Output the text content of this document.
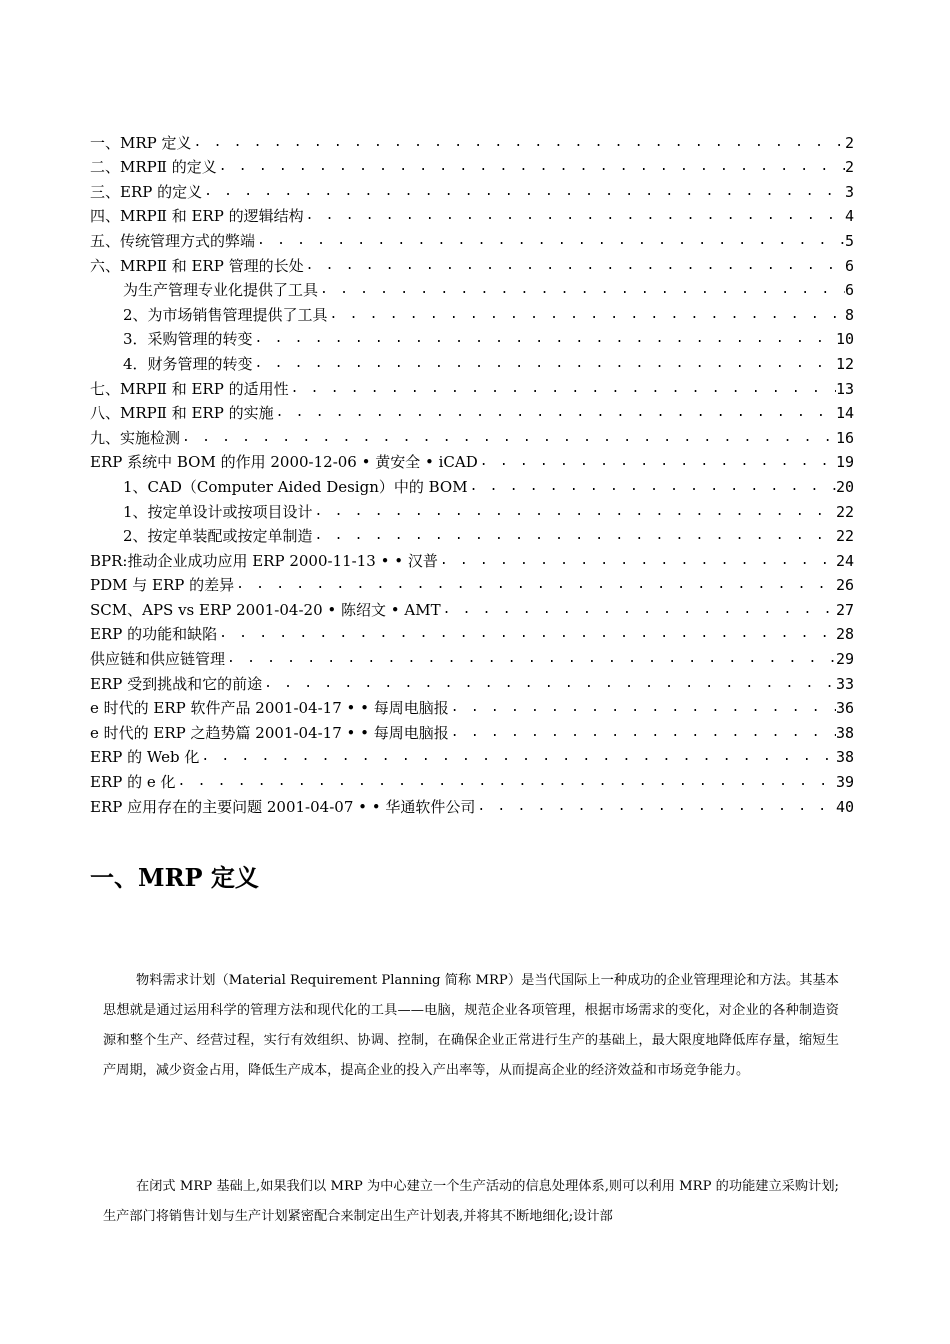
一、MRP 定义 . . .	2
二、MRPⅡ 的定义 . . .	2
三、ERP 的定义 . . .	3
四、MRPⅡ 和 ERP 的逻辑结构 . . .	4
五、传统管理方式的弊端 . . .	5
六、MRPⅡ 和 ERP 管理的长处 . . .	6
为生产管理专业化提供了工具 . . .	6
2、为市场销售管理提供了工具 . . .	8
3．采购管理的转变 . . .	10
4．财务管理的转变 . . .	12
七、MRPⅡ 和 ERP 的适用性 . . .	13
八、MRPⅡ 和 ERP 的实施 . . .	14
九、实施检测 . . .	16
ERP 系统中 BOM 的作用 2000-12-06 • 黄安全 • iCAD . . .	19
1、CAD（Computer Aided Design）中的 BOM . . .	20
1、按定单设计或按项目设计 . . .	22
2、按定单装配或按定单制造 . . .	22
BPR:推动企业成功应用 ERP 2000-11-13 • • 汉普 . . .	24
PDM 与 ERP 的差异 . . .	26
SCM、APS vs ERP 2001-04-20 • 陈绍文 • AMT . . .	27
ERP 的功能和缺陷 . . .	28
供应链和供应链管理 . . .	29
ERP 受到挑战和它的前途 . . .	33
e 时代的 ERP 软件产品 2001-04-17 • • 每周电脑报 . . .	36
e 时代的 ERP 之趋势篇 2001-04-17 • • 每周电脑报 . . .	38
ERP 的 Web 化 . . .	38
ERP 的 e 化 . . .	39
ERP 应用存在的主要问题 2001-04-07 • • 华通软件公司 . . .	40
一、MRP 定义

物料需求计划（Material Requirement Planning 简称 MRP）是当代国际上一种成功的企业管理理论和方法。其基本思想就是通过运用科学的管理方法和现代化的工具——电脑，规范企业各项管理，根据市场需求的变化，对企业的各种制造资源和整个生产、经营过程，实行有效组织、协调、控制，在确保企业正常进行生产的基础上，最大限度地降低库存量，缩短生产周期，减少资金占用，降低生产成本，提高企业的投入产出率等，从而提高企业的经济效益和市场竞争能力。

在闭式 MRP 基础上,如果我们以 MRP 为中心建立一个生产活动的信息处理体系,则可以利用 MRP 的功能建立采购计划;生产部门将销售计划与生产计划紧密配合来制定出生产计划表,并将其不断地细化;设计部
